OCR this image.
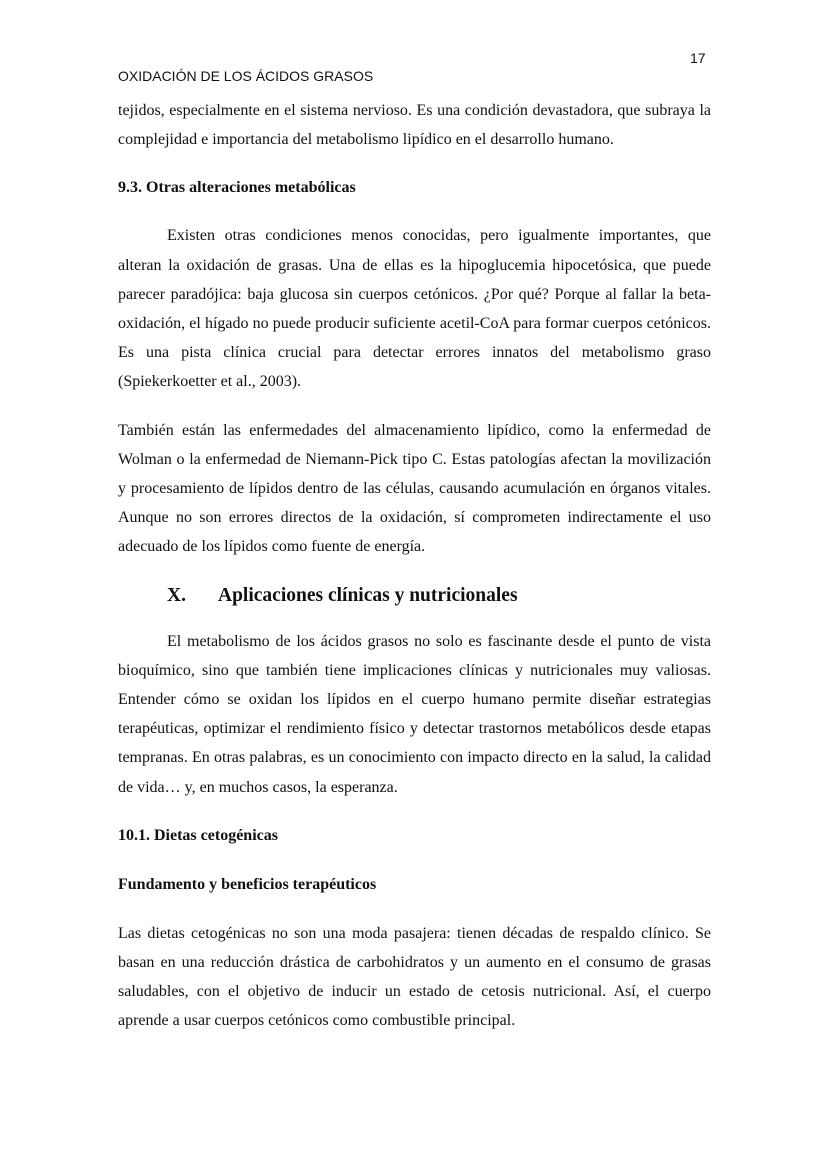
17
OXIDACIÓN DE LOS ÁCIDOS GRASOS

tejidos, especialmente en el sistema nervioso. Es una condición devastadora, que subraya la complejidad e importancia del metabolismo lipídico en el desarrollo humano.

9.3. Otras alteraciones metabólicas

Existen otras condiciones menos conocidas, pero igualmente importantes, que alteran la oxidación de grasas. Una de ellas es la hipoglucemia hipocetósica, que puede parecer paradójica: baja glucosa sin cuerpos cetónicos. ¿Por qué? Porque al fallar la beta-oxidación, el hígado no puede producir suficiente acetil-CoA para formar cuerpos cetónicos. Es una pista clínica crucial para detectar errores innatos del metabolismo graso (Spiekerkoetter et al., 2003).

También están las enfermedades del almacenamiento lipídico, como la enfermedad de Wolman o la enfermedad de Niemann-Pick tipo C. Estas patologías afectan la movilización y procesamiento de lípidos dentro de las células, causando acumulación en órganos vitales. Aunque no son errores directos de la oxidación, sí comprometen indirectamente el uso adecuado de los lípidos como fuente de energía.

X.	Aplicaciones clínicas y nutricionales

El metabolismo de los ácidos grasos no solo es fascinante desde el punto de vista bioquímico, sino que también tiene implicaciones clínicas y nutricionales muy valiosas. Entender cómo se oxidan los lípidos en el cuerpo humano permite diseñar estrategias terapéuticas, optimizar el rendimiento físico y detectar trastornos metabólicos desde etapas tempranas. En otras palabras, es un conocimiento con impacto directo en la salud, la calidad de vida… y, en muchos casos, la esperanza.

10.1. Dietas cetogénicas
Fundamento y beneficios terapéuticos

Las dietas cetogénicas no son una moda pasajera: tienen décadas de respaldo clínico. Se basan en una reducción drástica de carbohidratos y un aumento en el consumo de grasas saludables, con el objetivo de inducir un estado de cetosis nutricional. Así, el cuerpo aprende a usar cuerpos cetónicos como combustible principal.
